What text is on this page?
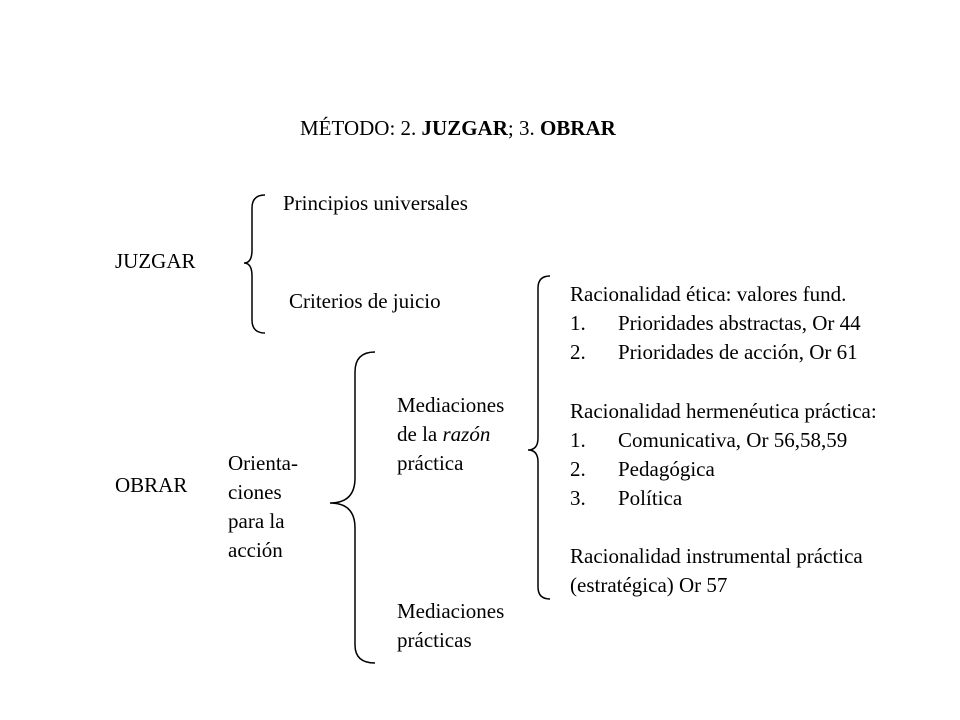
MÉTODO: 2. JUZGAR; 3. OBRAR
JUZGAR
Principios universales
Criterios de juicio
OBRAR
Orienta-
ciones
para la
acción
Mediaciones
de la razón
práctica
Mediaciones
prácticas
Racionalidad ética: valores fund.
1. Prioridades abstractas, Or 44
2. Prioridades de acción, Or 61
Racionalidad hermenéutica práctica:
1. Comunicativa, Or 56,58,59
2. Pedagógica
3. Política
Racionalidad instrumental práctica
(estratégica) Or 57
